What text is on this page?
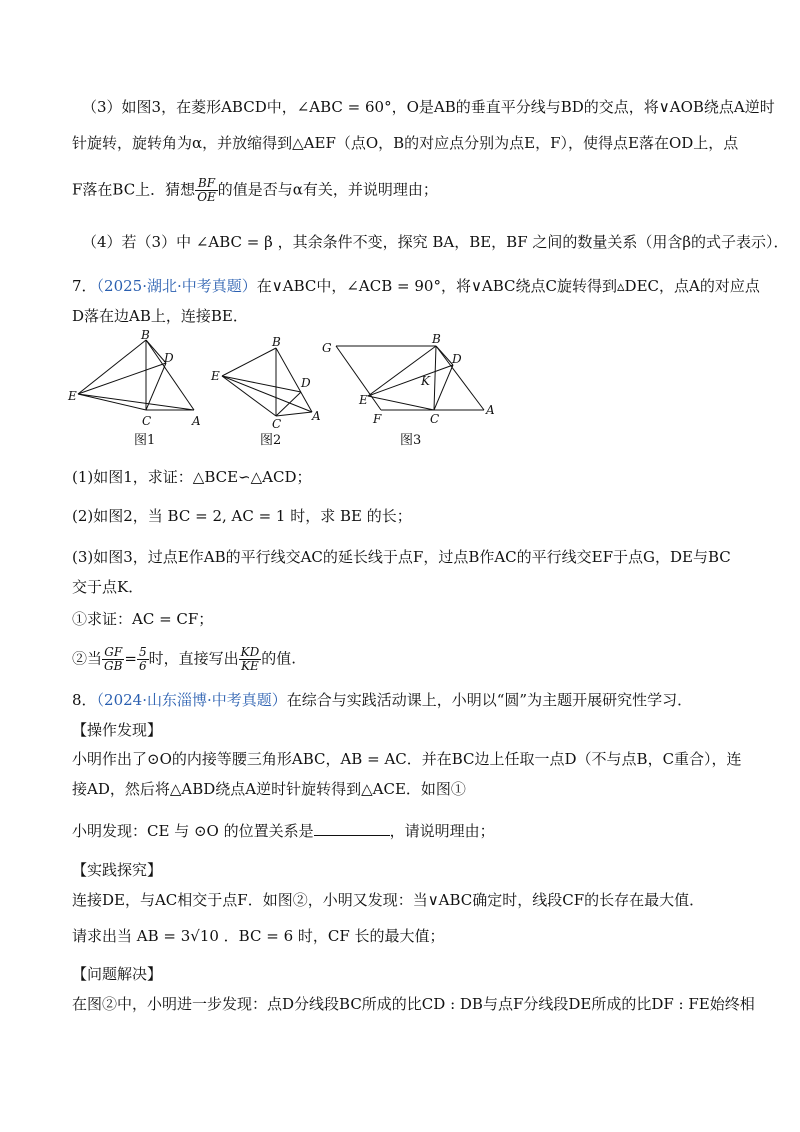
（3）如图3，在菱形ABCD中，∠ABC = 60°，O是AB的垂直平分线与BD的交点，将∨AOB绕点A逆时
针旋转，旋转角为α，并放缩得到△AEF（点O，B的对应点分别为点E，F），使得点E落在OD上，点
F落在BC上．猜想 $\frac{BF}{OE}$ 的值是否与α有关，并说明理由；
（4）若（3）中 ∠ABC = β ，其余条件不变，探究 BA，BE，BF 之间的数量关系（用含β的式子表示）．
7．（2025·湖北·中考真题）在∨ABC中，∠ACB = 90°，将∨ABC绕点C旋转得到▵DEC，点A的对应点
D落在边AB上，连接BE．
B
D
E
C	A
B
E	D
C
A
G
B
D
K
E
F	C
A
图1	图2	图3
(1)如图1，求证：△BCE∽△ACD；
(2)如图2，当 BC = 2, AC = 1 时，求 BE 的长；
(3)如图3，过点E作AB的平行线交AC的延长线于点F，过点B作AC的平行线交EF于点G，DE与BC
交于点K．
①求证：AC = CF；
②当 $\frac{GF}{GB} = \frac{5}{6}$ 时，直接写出 $\frac{KD}{KE}$ 的值.
8．（2024·山东淄博·中考真题）在综合与实践活动课上，小明以“圆”为主题开展研究性学习．
【操作发现】
小明作出了⊙O的内接等腰三角形ABC，AB = AC．并在BC边上任取一点D（不与点B，C重合），连
接AD，然后将△ABD绕点A逆时针旋转得到△ACE．如图①
小明发现：CE 与 ⊙O 的位置关系是	，请说明理由；
【实践探究】
连接DE，与AC相交于点F．如图②，小明又发现：当∨ABC确定时，线段CF的长存在最大值．
请求出当 AB = 3√10 ．BC = 6 时，CF 长的最大值；
【问题解决】
在图②中，小明进一步发现：点D分线段BC所成的比CD : DB与点F分线段DE所成的比DF : FE始终相
